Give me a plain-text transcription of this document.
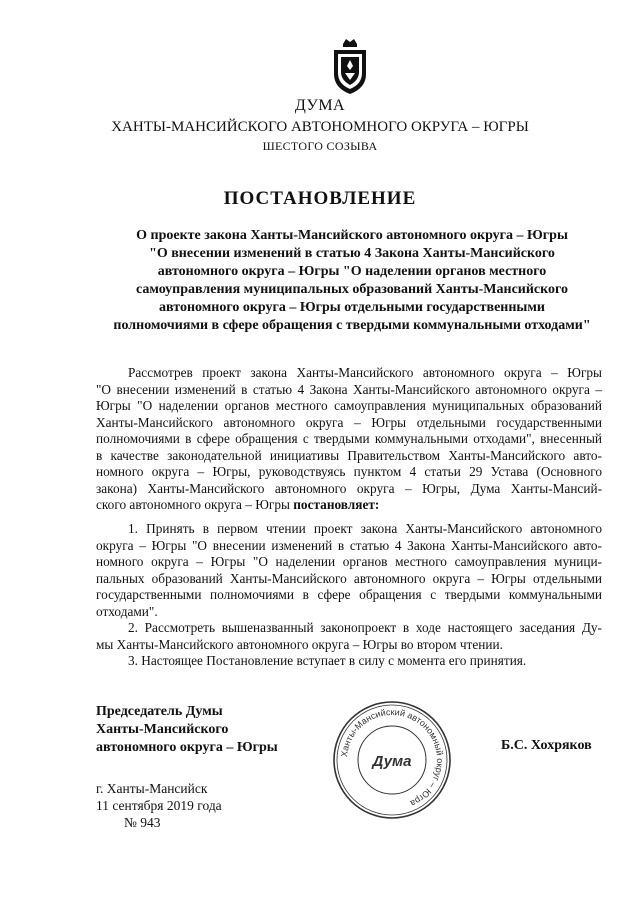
ДУМА
ХАНТЫ-МАНСИЙСКОГО АВТОНОМНОГО ОКРУГА – ЮГРЫ
ШЕСТОГО СОЗЫВА
ПОСТАНОВЛЕНИЕ
О проекте закона Ханты-Мансийского автономного округа – Югры
"О внесении изменений в статью 4 Закона Ханты-Мансийского
автономного округа – Югры "О наделении органов местного
самоуправления муниципальных образований Ханты-Мансийского
автономного округа – Югры отдельными государственными
полномочиями в сфере обращения с твердыми коммунальными отходами"
Рассмотрев проект закона Ханты-Мансийского автономного округа – Югры
"О внесении изменений в статью 4 Закона Ханты-Мансийского автономного округа –
Югры "О наделении органов местного самоуправления муниципальных образований
Ханты-Мансийского автономного округа – Югры отдельными государственными
полномочиями в сфере обращения с твердыми коммунальными отходами", внесенный
в качестве законодательной инициативы Правительством Ханты-Мансийского авто-
номного округа – Югры, руководствуясь пунктом 4 статьи 29 Устава (Основного
закона) Ханты-Мансийского автономного округа – Югры, Дума Ханты-Мансий-
ского автономного округа – Югры постановляет:
1. Принять в первом чтении проект закона Ханты-Мансийского автономного
округа – Югры "О внесении изменений в статью 4 Закона Ханты-Мансийского авто-
номного округа – Югры "О наделении органов местного самоуправления муници-
пальных образований Ханты-Мансийского автономного округа – Югры отдельными
государственными полномочиями в сфере обращения с твердыми коммунальными
отходами".
2. Рассмотреть вышеназванный законопроект в ходе настоящего заседания Ду-
мы Ханты-Мансийского автономного округа – Югры во втором чтении.
3. Настоящее Постановление вступает в силу с момента его принятия.
Председатель Думы
Ханты-Мансийского
автономного округа – Югры	Ханты-Мансийский автономный округ – Югра
Дума
Б.С. Хохряков
г. Ханты-Мансийск
11 сентября 2019 года
№ 943
